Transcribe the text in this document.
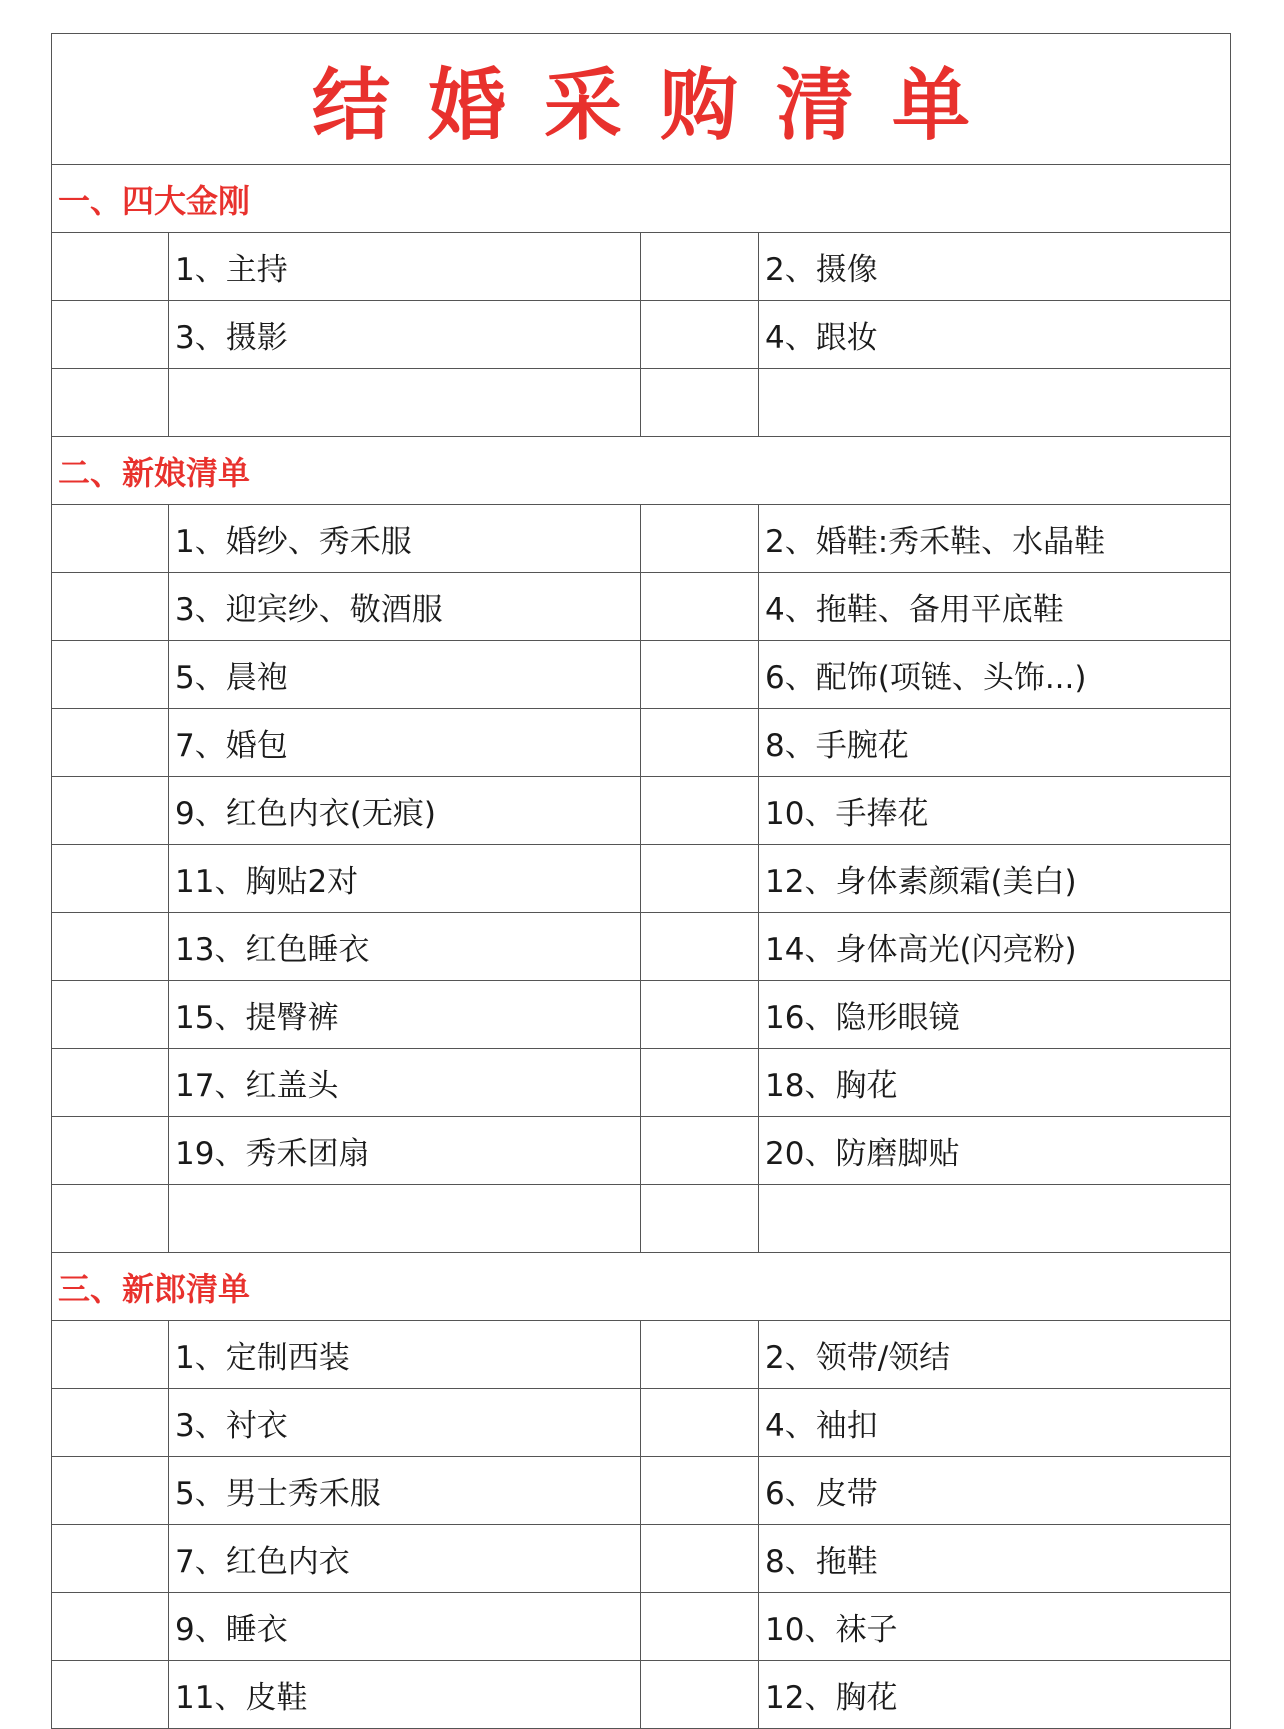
结婚采购清单			
一、四大金刚			
	1、主持		2、摄像
	3、摄影		4、跟妆

二、新娘清单			
	1、婚纱、秀禾服		2、婚鞋:秀禾鞋、水晶鞋
	3、迎宾纱、敬酒服		4、拖鞋、备用平底鞋
	5、晨袍		6、配饰(项链、头饰...)
	7、婚包		8、手腕花
	9、红色内衣(无痕)		10、手捧花
	11、胸贴2对		12、身体素颜霜(美白)
	13、红色睡衣		14、身体高光(闪亮粉)
	15、提臀裤		16、隐形眼镜
	17、红盖头		18、胸花
	19、秀禾团扇		20、防磨脚贴

三、新郎清单			
	1、定制西装		2、领带/领结
	3、衬衣		4、袖扣
	5、男士秀禾服		6、皮带
	7、红色内衣		8、拖鞋
	9、睡衣		10、袜子
	11、皮鞋		12、胸花
